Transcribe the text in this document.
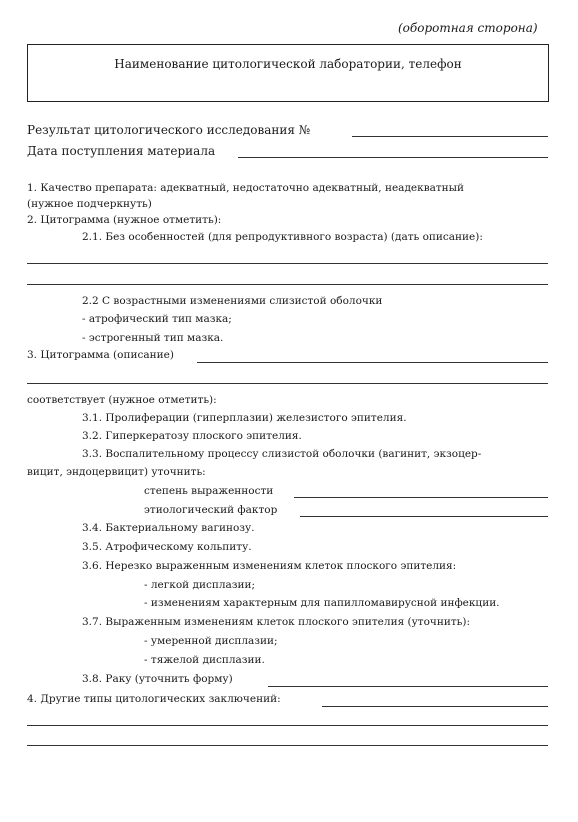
(оборотная сторона)
Наименование цитологической лаборатории, телефон
Результат цитологического исследования №
Дата поступления материала
1. Качество препарата: адекватный, недостаточно адекватный, неадекватный
(нужное подчеркнуть)
2. Цитограмма (нужное отметить):
2.1. Без особенностей (для репродуктивного возраста) (дать описание):
2.2 С возрастными изменениями слизистой оболочки
- атрофический тип мазка;
- эстрогенный тип мазка.
3. Цитограмма (описание)
соответствует (нужное отметить):
3.1. Пролиферации (гиперплазии) железистого эпителия.
3.2. Гиперкератозу плоского эпителия.
3.3. Воспалительному процессу слизистой оболочки (вагинит, экзоцер-
вицит, эндоцервицит) уточнить:
степень выраженности
этиологический фактор
3.4. Бактериальному вагинозу.
3.5. Атрофическому кольпиту.
3.6. Нерезко выраженным изменениям клеток плоского эпителия:
- легкой дисплазии;
- изменениям характерным для папилломавирусной инфекции.
3.7. Выраженным изменениям клеток плоского эпителия (уточнить):
- умеренной дисплазии;
- тяжелой дисплазии.
3.8. Раку (уточнить форму)
4. Другие типы цитологических заключений:
